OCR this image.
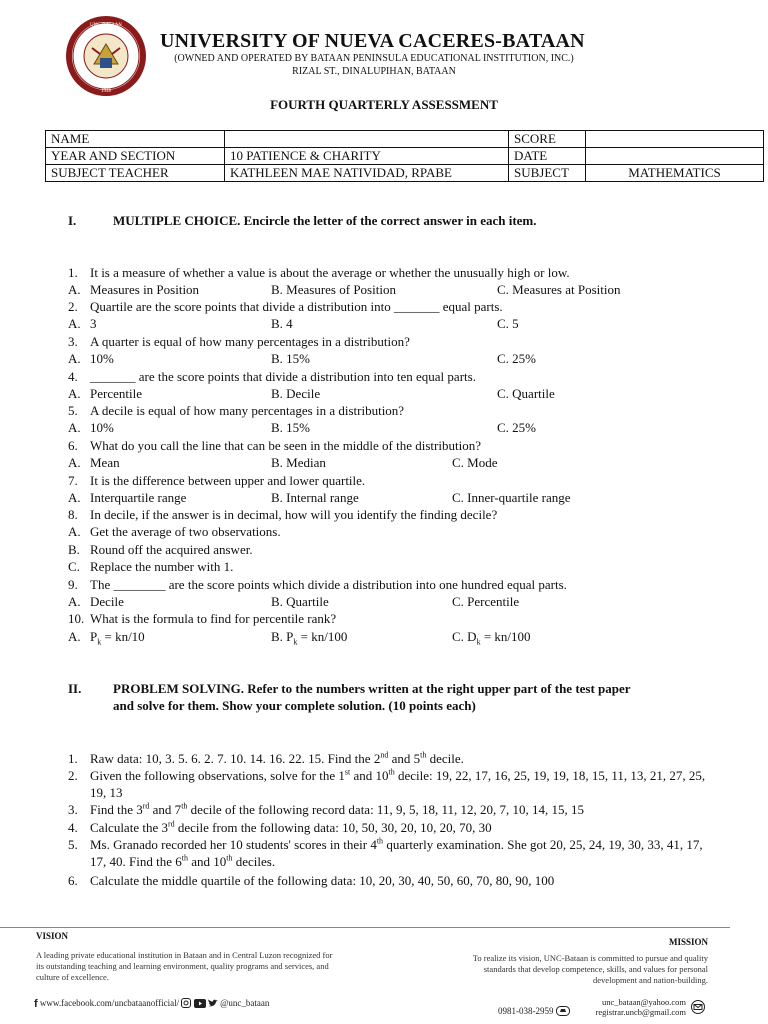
UNC-BATAAN
1948
UNIVERSITY OF NUEVA CACERES-BATAAN
(OWNED AND OPERATED BY BATAAN PENINSULA EDUCATIONAL INSTITUTION, INC.)
RIZAL ST., DINALUPIHAN, BATAAN
FOURTH QUARTERLY ASSESSMENT
NAME		SCORE	
YEAR AND SECTION	10 PATIENCE & CHARITY	DATE	
SUBJECT TEACHER	KATHLEEN MAE NATIVIDAD, RPABE	SUBJECT	MATHEMATICS
I.	MULTIPLE CHOICE. Encircle the letter of the correct answer in each item.
1. It is a measure of whether a value is about the average or whether the unusually high or low.
A. Measures in Position	B. Measures of Position	C. Measures at Position
2. Quartile are the score points that divide a distribution into _______ equal parts.
A. 3	B. 4	C. 5
3. A quarter is equal of how many percentages in a distribution?
A. 10%	B. 15%	C. 25%
4. _______ are the score points that divide a distribution into ten equal parts.
A. Percentile	B. Decile	C. Quartile
5. A decile is equal of how many percentages in a distribution?
A. 10%	B. 15%	C. 25%
6. What do you call the line that can be seen in the middle of the distribution?
A. Mean	B. Median	C. Mode
7. It is the difference between upper and lower quartile.
A. Interquartile range	B. Internal range	C. Inner-quartile range
8. In decile, if the answer is in decimal, how will you identify the finding decile?
A. Get the average of two observations.
B. Round off the acquired answer.
C. Replace the number with 1.
9. The ________ are the score points which divide a distribution into one hundred equal parts.
A. Decile	B. Quartile	C. Percentile
10. What is the formula to find for percentile rank?
A. $P_k = kn/10$	B. $P_k = kn/100$	C. $D_k = kn/100$
II. PROBLEM SOLVING. Refer to the numbers written at the right upper part of the test paper
and solve for them. Show your complete solution. (10 points each)
1. Raw data: 10, 3. 5. 6. 2. 7. 10. 14. 16. 22. 15. Find the 2nd and 5th decile.
2. Given the following observations, solve for the 1st and 10th decile: 19, 22, 17, 16, 25, 19, 19, 18, 15, 11, 13, 21, 27, 25, 19, 13
3. Find the 3rd and 7th decile of the following record data: 11, 9, 5, 18, 11, 12, 20, 7, 10, 14, 15, 15
4. Calculate the 3rd decile from the following data: 10, 50, 30, 20, 10, 20, 70, 30
5. Ms. Granado recorded her 10 students' scores in their 4th quarterly examination. She got 20, 25, 24, 19, 30, 33, 41, 17, 17, 40. Find the 6th and 10th deciles.
6. Calculate the middle quartile of the following data: 10, 20, 30, 40, 50, 60, 70, 80, 90, 100
VISION
A leading private educational institution in Bataan and in Central Luzon recognized for its outstanding teaching and learning environment, quality programs and services, and culture of excellence.
MISSION
To realize its vision, UNC-Bataan is committed to pursue and quality standards that develop competence, skills, and values for personal development and nation-building.
f www.facebook.com/uncbataanofficial/	@unc_bataan
0981-038-2959
unc_bataan@yahoo.com
registrar.uncb@gmail.com
